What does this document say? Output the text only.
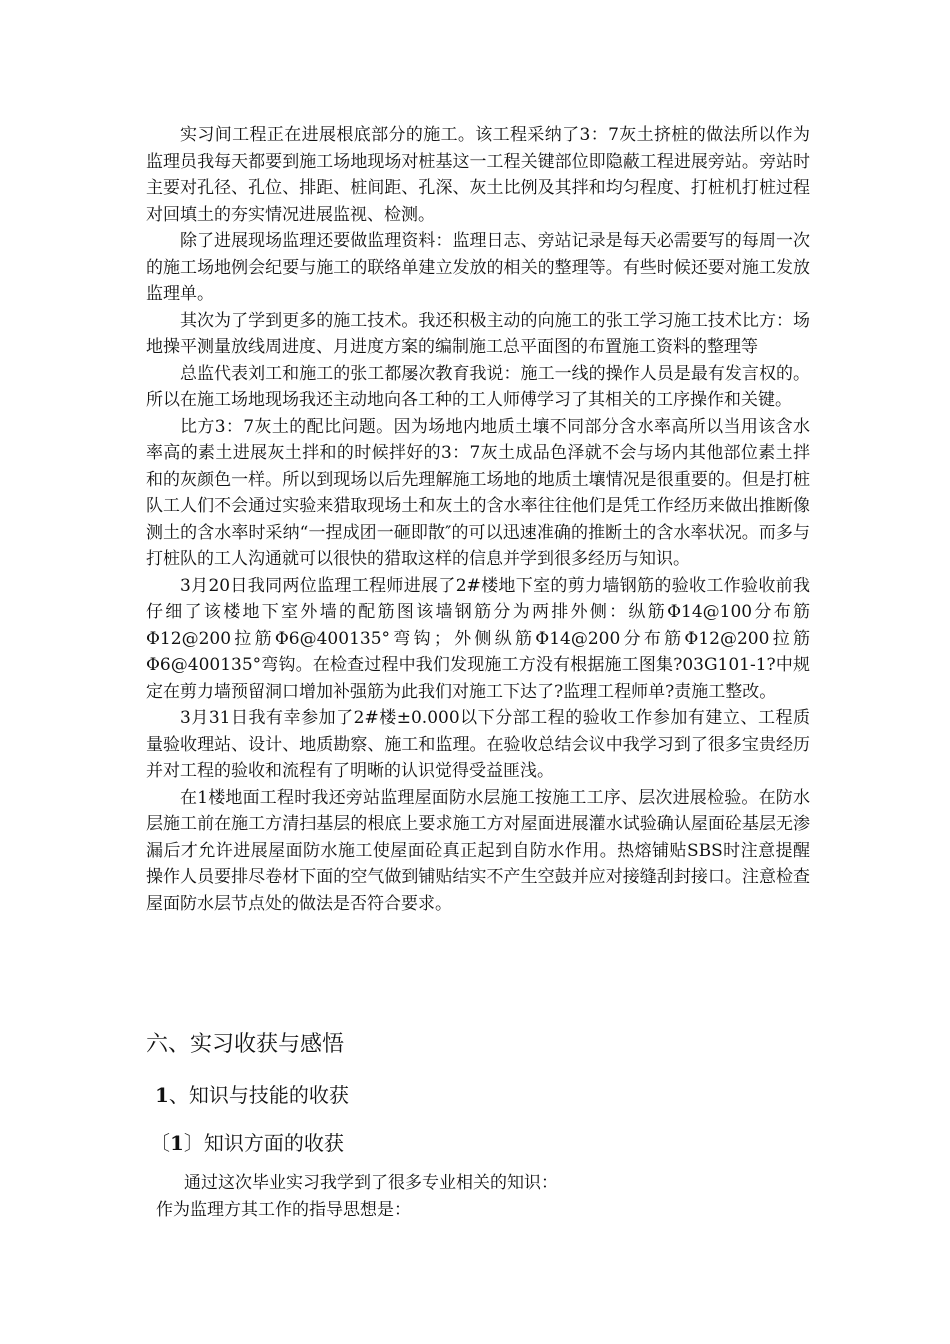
实习间工程正在进展根底部分的施工。该工程采纳了3：7灰土挤桩的做法所以作为监理员我每天都要到施工场地现场对桩基这一工程关键部位即隐蔽工程进展旁站。旁站时主要对孔径、孔位、排距、桩间距、孔深、灰土比例及其拌和均匀程度、打桩机打桩过程对回填土的夯实情况进展监视、检测。

除了进展现场监理还要做监理资料：监理日志、旁站记录是每天必需要写的每周一次的施工场地例会纪要与施工的联络单建立发放的相关的整理等。有些时候还要对施工发放监理单。

其次为了学到更多的施工技术。我还积极主动的向施工的张工学习施工技术比方：场地操平测量放线周进度、月进度方案的编制施工总平面图的布置施工资料的整理等

总监代表刘工和施工的张工都屡次教育我说：施工一线的操作人员是最有发言权的。所以在施工场地现场我还主动地向各工种的工人师傅学习了其相关的工序操作和关键。

比方3：7灰土的配比问题。因为场地内地质土壤不同部分含水率高所以当用该含水率高的素土进展灰土拌和的时候拌好的3：7灰土成品色泽就不会与场内其他部位素土拌和的灰颜色一样。所以到现场以后先理解施工场地的地质土壤情况是很重要的。但是打桩队工人们不会通过实验来猎取现场土和灰土的含水率往往他们是凭工作经历来做出推断像测土的含水率时采纳“一捏成团一砸即散″的可以迅速准确的推断土的含水率状况。而多与打桩队的工人沟通就可以很快的猎取这样的信息并学到很多经历与知识。

3月20日我同两位监理工程师进展了2#楼地下室的剪力墙钢筋的验收工作验收前我仔细了该楼地下室外墙的配筋图该墙钢筋分为两排外侧：纵筋Φ14@100分布筋Φ12@200拉筋Φ6@400135°弯钩；外侧纵筋Φ14@200分布筋Φ12@200拉筋Φ6@400135°弯钩。在检查过程中我们发现施工方没有根据施工图集?03G101-1?中规定在剪力墙预留洞口增加补强筋为此我们对施工下达了?监理工程师单?责施工整改。

3月31日我有幸参加了2#楼±0.000以下分部工程的验收工作参加有建立、工程质量验收理站、设计、地质勘察、施工和监理。在验收总结会议中我学习到了很多宝贵经历并对工程的验收和流程有了明晰的认识觉得受益匪浅。

在1楼地面工程时我还旁站监理屋面防水层施工按施工工序、层次进展检验。在防水层施工前在施工方清扫基层的根底上要求施工方对屋面进展灌水试验确认屋面砼基层无渗漏后才允许进展屋面防水施工使屋面砼真正起到自防水作用。热熔铺贴SBS时注意提醒操作人员要排尽卷材下面的空气做到铺贴结实不产生空鼓并应对接缝刮封接口。注意检查屋面防水层节点处的做法是否符合要求。

六、实习收获与感悟
1、知识与技能的收获
〔1〕知识方面的收获

通过这次毕业实习我学到了很多专业相关的知识：

作为监理方其工作的指导思想是：
